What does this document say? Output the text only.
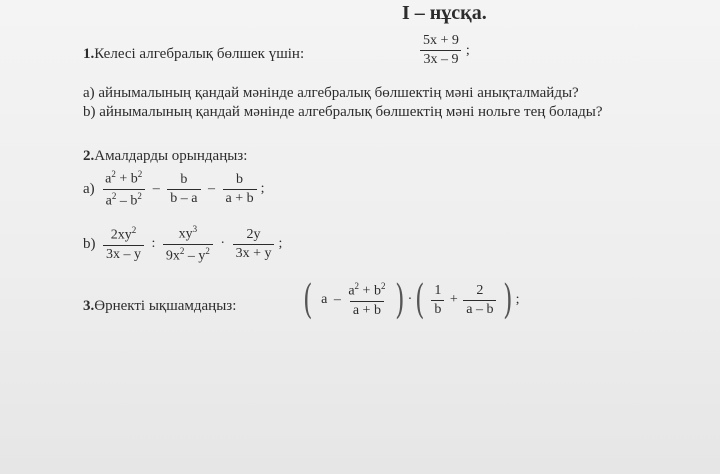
I – нұсқа.
1.Келесі алгебралық бөлшек үшін:	$\frac{5x + 9}{3x - 9}$ ;
а) айнымалының қандай мәнінде алгебралық бөлшектің мәні анықталмайды?
b) айнымалының қандай мәнінде алгебралық бөлшектің мәні нольге тең болады?
2.Амалдарды орындаңыз:
$а) \frac{a^2 + b^2}{a^2 - b^2} - \frac{b}{b - a} - \frac{b}{a + b}$ ;
$b) \frac{2xy^2}{3x - y}$ : $\frac{xy^3}{9x^2 - y^2} \cdot \frac{2y}{3x + y}$ ;
3.Өрнекті ықшамдаңыз: ( a – $\frac{a^2 + b^2}{a + b}$ ) ·( $\frac{1}{b} + \frac{2}{a - b}$ ) ;
